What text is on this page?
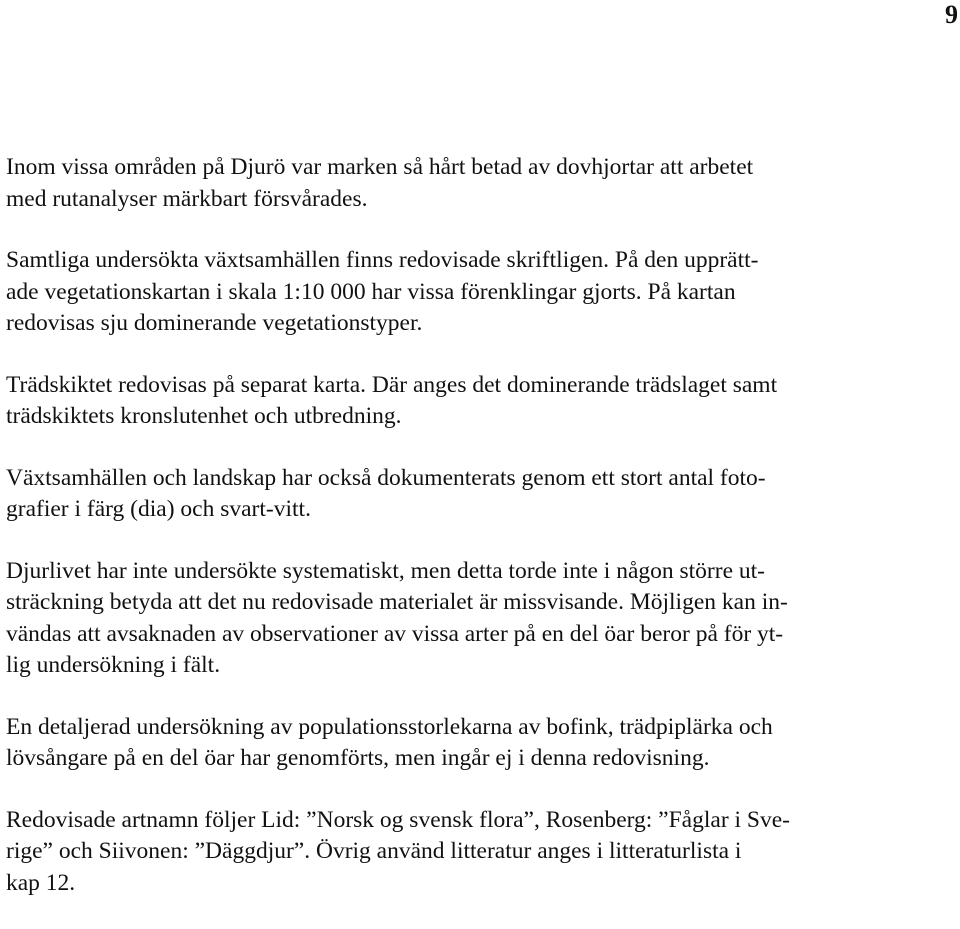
9

Inom vissa områden på Djurö var marken så hårt betad av dovhjortar att arbetet
med rutanalyser märkbart försvårades.

Samtliga undersökta växtsamhällen finns redovisade skriftligen. På den upprätt-
ade vegetationskartan i skala 1:10 000 har vissa förenklingar gjorts. På kartan
redovisas sju dominerande vegetationstyper.

Trädskiktet redovisas på separat karta. Där anges det dominerande trädslaget samt
trädskiktets kronslutenhet och utbredning.

Växtsamhällen och landskap har också dokumenterats genom ett stort antal foto-
grafier i färg (dia) och svart-vitt.

Djurlivet har inte undersökte systematiskt, men detta torde inte i någon större ut-
sträckning betyda att det nu redovisade materialet är missvisande. Möjligen kan in-
vändas att avsaknaden av observationer av vissa arter på en del öar beror på för yt-
lig undersökning i fält.

En detaljerad undersökning av populationsstorlekarna av bofink, trädpiplärka och
lövsångare på en del öar har genomförts, men ingår ej i denna redovisning.

Redovisade artnamn följer Lid: ”Norsk og svensk flora”, Rosenberg: ”Fåglar i Sve-
rige” och Siivonen: ”Däggdjur”. Övrig använd litteratur anges i litteraturlista i
kap 12.
